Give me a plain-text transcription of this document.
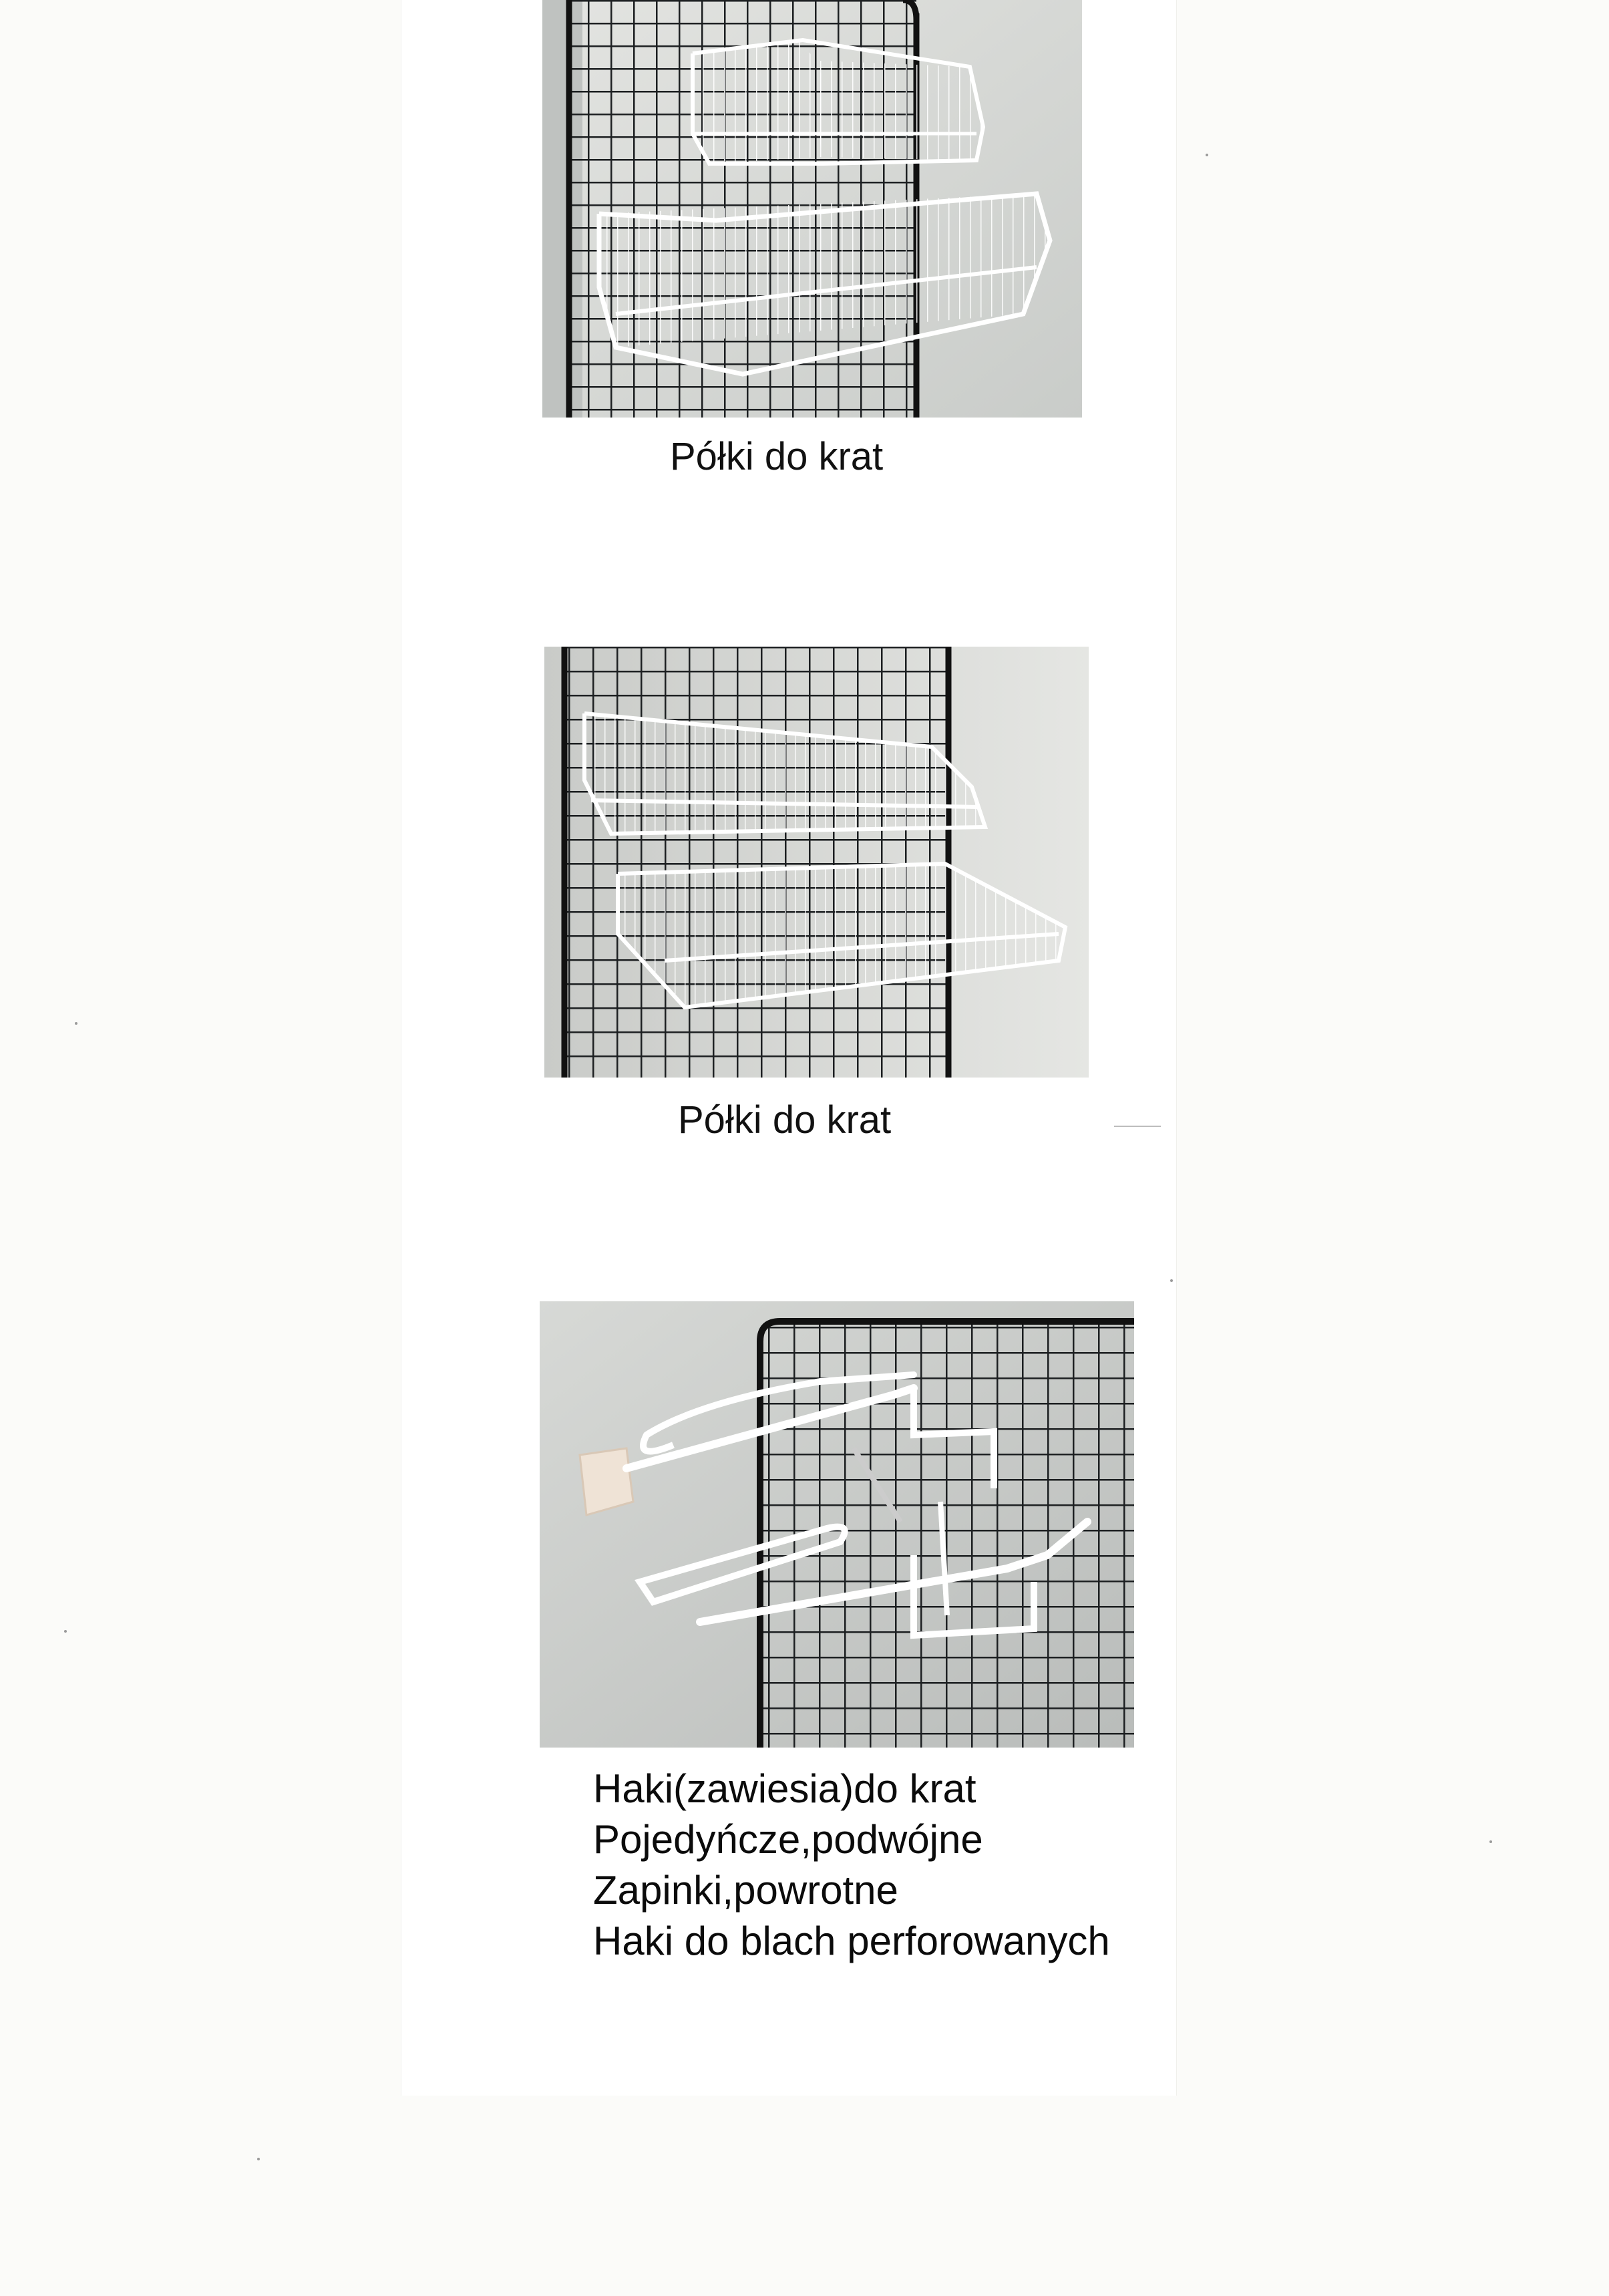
Półki do krat
Półki do krat
Haki(zawiesia)do krat
Pojedyńcze,podwójne
Zapinki,powrotne
Haki do blach perforowanych
